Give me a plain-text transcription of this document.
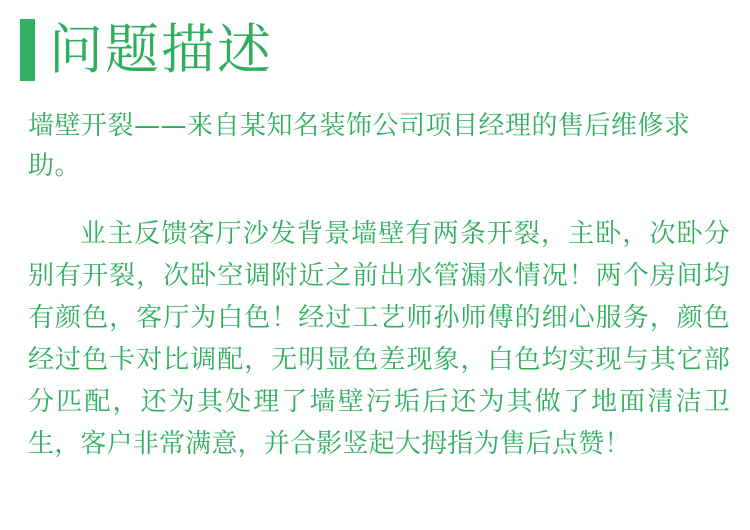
问题描述

墙壁开裂——来自某知名装饰公司项目经理的售后维修求助。

业主反馈客厅沙发背景墙壁有两条开裂，主卧，次卧分别有开裂，次卧空调附近之前出水管漏水情况！两个房间均有颜色，客厅为白色！经过工艺师孙师傅的细心服务，颜色经过色卡对比调配，无明显色差现象，白色均实现与其它部分匹配，还为其处理了墙壁污垢后还为其做了地面清洁卫生，客户非常满意，并合影竖起大拇指为售后点赞！
